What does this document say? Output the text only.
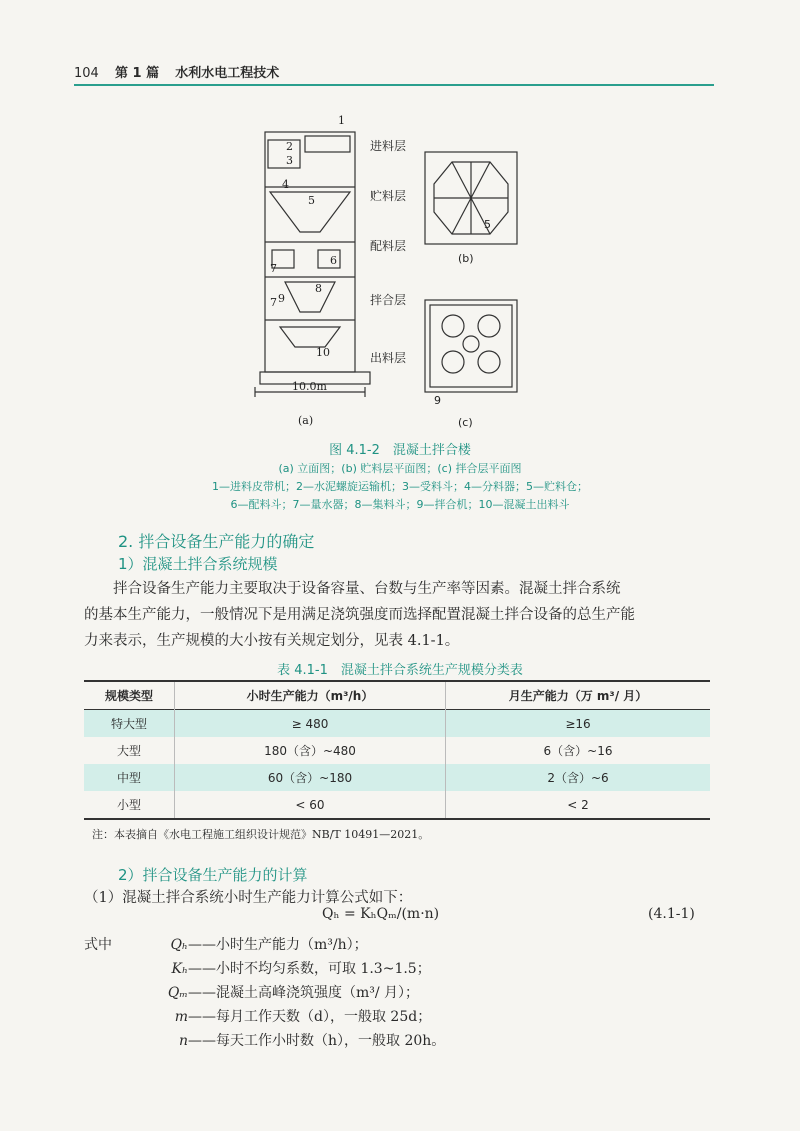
104 第 1 篇 水利水电工程技术
1
2
3
4
5
6
7
7
8
9
10
10.0m
(a)
进料层
贮料层
配料层
拌合层
出料层
5
(b)
9
(c)
图 4.1-2　混凝土拌合楼
(a) 立面图；(b) 贮料层平面图；(c) 拌合层平面图
1—进料皮带机；2—水泥螺旋运输机；3—受料斗；4—分料器；5—贮料仓；
6—配料斗；7—量水器；8—集料斗；9—拌合机；10—混凝土出料斗
2. 拌合设备生产能力的确定
1）混凝土拌合系统规模
拌合设备生产能力主要取决于设备容量、台数与生产率等因素。混凝土拌合系统
的基本生产能力，一般情况下是用满足浇筑强度而选择配置混凝土拌合设备的总生产能
力来表示，生产规模的大小按有关规定划分，见表 4.1-1。
表 4.1-1　混凝土拌合系统生产规模分类表
规模类型	小时生产能力（m³/h）	月生产能力（万 m³/ 月）
特大型	≥ 480	≥16
大型	180（含）~480	6（含）~16
中型	60（含）~180	2（含）~6
小型	< 60	< 2
注：本表摘自《水电工程施工组织设计规范》NB/T 10491—2021。
2）拌合设备生产能力的计算
（1）混凝土拌合系统小时生产能力计算公式如下：
Qₕ = KₕQₘ/(m·n)	(4.1-1)
式中	Qₕ——小时生产能力（m³/h）；
Kₕ——小时不均匀系数，可取 1.3~1.5；
Qₘ——混凝土高峰浇筑强度（m³/ 月）；
m——每月工作天数（d），一般取 25d；
n——每天工作小时数（h），一般取 20h。
